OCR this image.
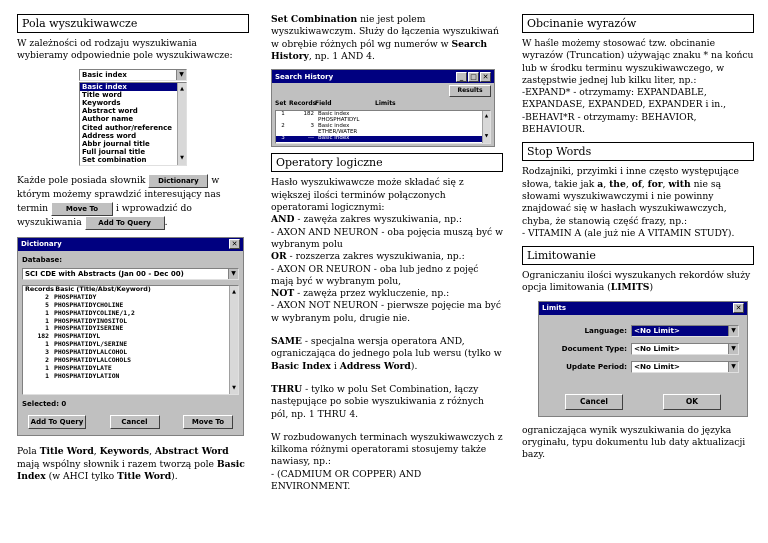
Pola wyszukiwawcze

W zależności od rodzaju wyszukiwania wybieramy odpowiednie pole wyszukiwawcze:

Basic index	▼
Basic index
Title word
Keywords
Abstract word
Author name
Cited author/reference
Address word
Abbr journal title
Full journal title
Set combination
▲
▼
Każde pole posiada słownik Dictionary w którym możemy sprawdzić interesujący nas termin	Move To i wprowadzić do wyszukiwania Add To Query .
Dictionary	✕
Database:
SCI CDE with Abstracts (Jan 00 - Dec 00)	▼
Records Basic (Title/Abst/Keyword)
2 PHOSPHATIDY
5 PHOSPHATIDYCHOLINE
1 PHOSPHATIDYCOLINE/1,2
1 PHOSPHATIDYINOSITOL
1 PHOSPHATIDYISERINE
182 PHOSPHATIDYL
1 PHOSPHATIDYL/SERINE
3 PHOSPHATIDYLALCOHOL
2 PHOSPHATIDYLALCOHOLS
1 PHOSPHATIDYLATE
1 PHOSPHATIDYLATION
▲
▼
Selected: 0
Add To Query	Cancel	Move To

Pola Title Word, Keywords, Abstract Word mają wspólny słownik i razem tworzą pole Basic Index (w AHCI tylko Title Word).

Set Combination nie jest polem wyszukiwawczym. Służy do łączenia wyszukiwań w obrębie różnych pól wg numerów w Search History, np. 1 AND 4.

Search History	_ □ ✕
Results
Set Records
Field	Limits
1	182 Basic index
PHOSPHATIDYL
2	3 Basic index
ETHER/WATER
3	--- Basic index
▲
▼
Operatory logiczne

Hasło wyszukiwawcze może składać się z większej ilości terminów połączonych operatorami logicznymi:

AND - zawęża zakres wyszukiwania, np.:
- AXON AND NEURON - oba pojęcia muszą być w wybranym polu
OR - rozszerza zakres wyszukiwania, np.:
- AXON OR NEURON - oba lub jedno z pojęć mają być w wybranym polu,
NOT - zawęża przez wykluczenie, np.:

- AXON NOT NEURON - pierwsze pojęcie ma być w wybranym polu, drugie nie.

SAME - specjalna wersja operatora AND, ograniczająca do jednego pola lub wersu (tylko w Basic Index i Address Word).

THRU - tylko w polu Set Combination, łączy następujące po sobie wyszukiwania z różnych pól, np. 1 THRU 4.

W rozbudowanych terminach wyszukiwawczych z kilkoma różnymi operatorami stosujemy także nawiasy, np.:
- (CADMIUM OR COPPER) AND ENVIRONMENT.
Obcinanie wyrazów
W haśle możemy stosować tzw. obcinanie wyrazów (Truncation) używając znaku * na końcu lub w środku terminu wyszukiwawczego, w zastępstwie jednej lub kilku liter, np.:
-EXPAND* - otrzymamy: EXPANDABLE, EXPANDASE, EXPANDED, EXPANDER i in.,

-BEHAVI*R - otrzymamy: BEHAVIOR, BEHAVIOUR.

Stop Words
Rodzajniki, przyimki i inne często występujące słowa, takie jak a, the, of, for, with nie są słowami wyszukiwawczymi i nie powinny znajdować się w hasłach wyszukiwawczych, chyba, że stanowią część frazy, np.:

- VITAMIN A (ale już nie A VITAMIN STUDY).

Limitowanie

Ograniczaniu ilości wyszukanych rekordów służy opcja limitowania (LIMITS)

Limits	✕
Language: <No Limit>	▼
Document Type: <No Limit>	▼
Update Period: <No Limit>	▼
Cancel	OK
ograniczająca wynik wyszukiwania do języka oryginału, typu dokumentu lub daty aktualizacji bazy.
